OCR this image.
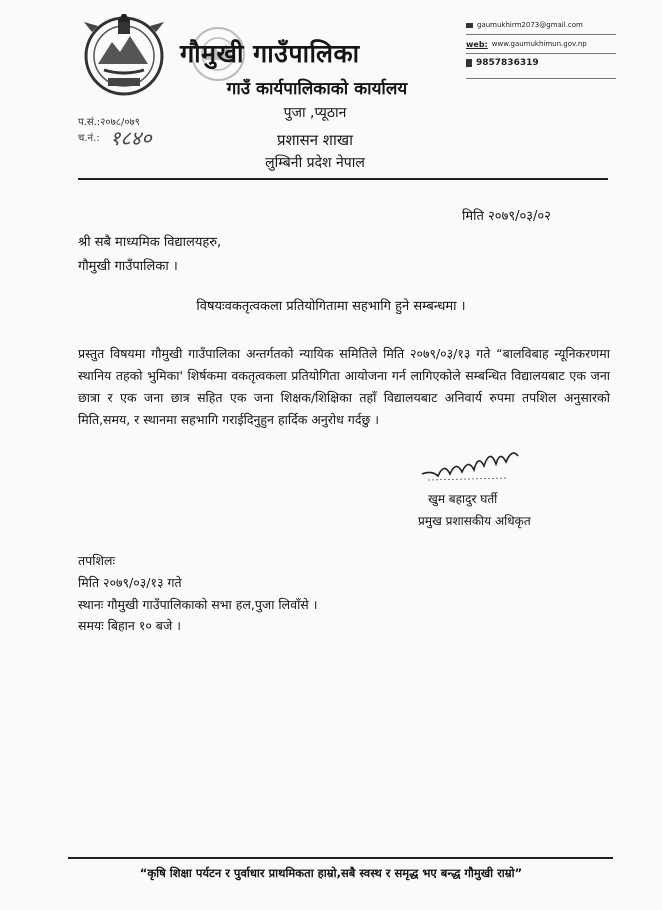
गौमुखी गाउँपालिका
गाउँ कार्यपालिकाको कार्यालय
पुजा ,प्यूठान
प्रशासन शाखा
लुम्बिनी प्रदेश नेपाल
gaumukhirm2073@gmail.com
web: www.gaumukhimun.gov.np
9857836319
प.सं.:२०७८/०७९
च.नं.: १८४०
मिति २०७९/०३/०२
श्री सबै माध्यमिक विद्यालयहरु,
गौमुखी गाउँपालिका ।
विषयःवकतृत्वकला प्रतियोगितामा सहभागि हुने सम्बन्धमा ।
प्रस्तुत विषयमा गौमुखी गाउँपालिका अन्तर्गतको न्यायिक समितिले मिति २०७९/०३/१३ गते “बालविबाह न्यूनिकरणमा स्थानिय तहको भुमिका' शिर्षकमा वकतृत्वकला प्रतियोगिता आयोजना गर्न लागिएकोले सम्बन्धित विद्यालयबाट एक जना छात्रा र एक जना छात्र सहित एक जना शिक्षक/शिक्षिका तहाँ विद्यालयबाट अनिवार्य रुपमा तपशिल अनुसारको मिति,समय, र स्थानमा सहभागि गराईदिनुहुन हार्दिक अनुरोध गर्दछु ।
खुम बहादुर घर्ती
प्रमुख प्रशासकीय अधिकृत
तपशिलः
मिति २०७९/०३/१३ गते
स्थानः गौमुखी गाउँपालिकाको सभा हल,पुजा लिवाँसे ।
समयः बिहान १० बजे ।
“कृषि शिक्षा पर्यटन र पुर्वाधार प्राथमिकता हाम्रो,सबै स्वस्थ र समृद्ध भए बन्द्ध गौमुखी राम्रो”
